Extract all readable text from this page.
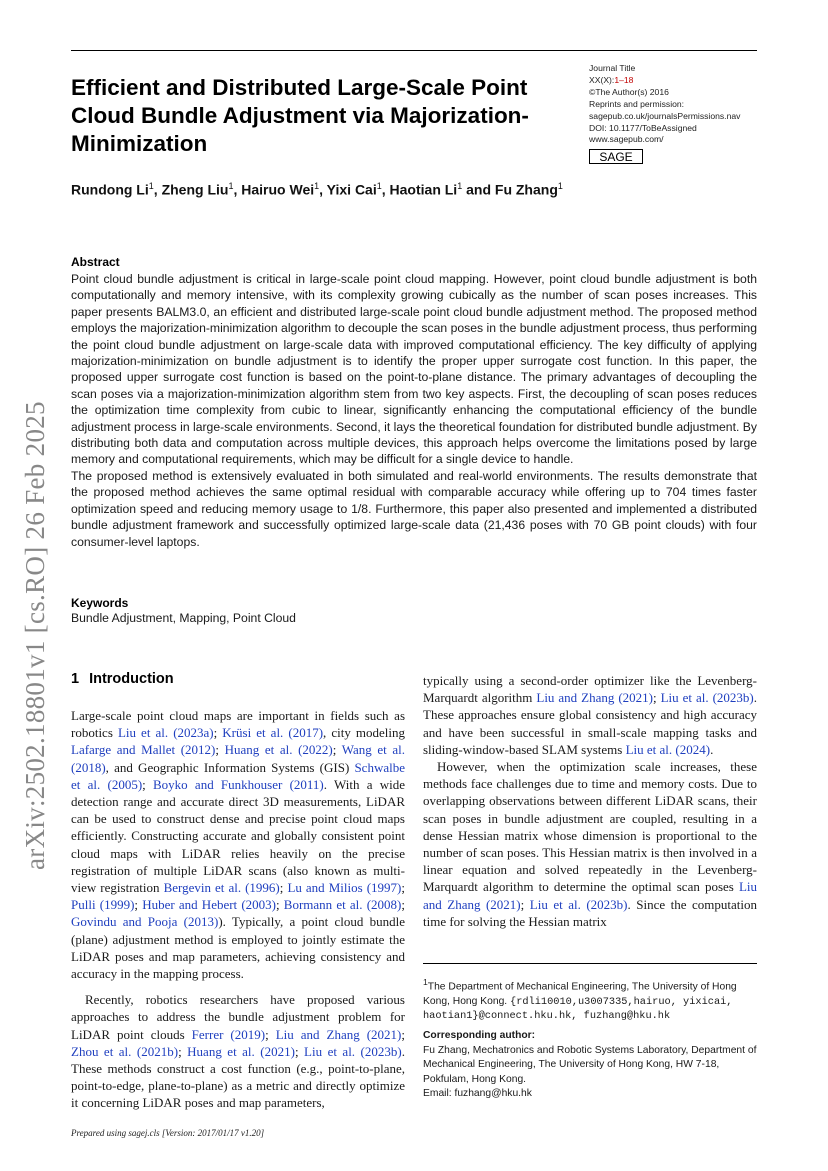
arXiv:2502.18801v1 [cs.RO] 26 Feb 2025
Efficient and Distributed Large-Scale Point Cloud Bundle Adjustment via Majorization-Minimization
Journal Title
XX(X):1–18
©The Author(s) 2016
Reprints and permission:
sagepub.co.uk/journalsPermissions.nav
DOI: 10.1177/ToBeAssigned
www.sagepub.com/
SAGE
Rundong Li$^1$, Zheng Liu$^1$, Hairuo Wei$^1$, Yixi Cai$^1$, Haotian Li$^1$ and Fu Zhang$^1$
Abstract

Point cloud bundle adjustment is critical in large-scale point cloud mapping. However, point cloud bundle adjustment is both computationally and memory intensive, with its complexity growing cubically as the number of scan poses increases. This paper presents BALM3.0, an efficient and distributed large-scale point cloud bundle adjustment method. The proposed method employs the majorization-minimization algorithm to decouple the scan poses in the bundle adjustment process, thus performing the point cloud bundle adjustment on large-scale data with improved computational efficiency. The key difficulty of applying majorization-minimization on bundle adjustment is to identify the proper upper surrogate cost function. In this paper, the proposed upper surrogate cost function is based on the point-to-plane distance. The primary advantages of decoupling the scan poses via a majorization-minimization algorithm stem from two key aspects. First, the decoupling of scan poses reduces the optimization time complexity from cubic to linear, significantly enhancing the computational efficiency of the bundle adjustment process in large-scale environments. Second, it lays the theoretical foundation for distributed bundle adjustment. By distributing both data and computation across multiple devices, this approach helps overcome the limitations posed by large memory and computational requirements, which may be difficult for a single device to handle.

The proposed method is extensively evaluated in both simulated and real-world environments. The results demonstrate that the proposed method achieves the same optimal residual with comparable accuracy while offering up to 704 times faster optimization speed and reducing memory usage to 1/8. Furthermore, this paper also presented and implemented a distributed bundle adjustment framework and successfully optimized large-scale data (21,436 poses with 70 GB point clouds) with four consumer-level laptops.

Keywords
Bundle Adjustment, Mapping, Point Cloud
1 Introduction

Large-scale point cloud maps are important in fields such as robotics Liu et al. (2023a); Krüsi et al. (2017), city modeling Lafarge and Mallet (2012); Huang et al. (2022); Wang et al. (2018), and Geographic Information Systems (GIS) Schwalbe et al. (2005); Boyko and Funkhouser (2011). With a wide detection range and accurate direct 3D measurements, LiDAR can be used to construct dense and precise point cloud maps efficiently. Constructing accurate and globally consistent point cloud maps with LiDAR relies heavily on the precise registration of multiple LiDAR scans (also known as multi-view registration Bergevin et al. (1996); Lu and Milios (1997); Pulli (1999); Huber and Hebert (2003); Bormann et al. (2008); Govindu and Pooja (2013)). Typically, a point cloud bundle (plane) adjustment method is employed to jointly estimate the LiDAR poses and map parameters, achieving consistency and accuracy in the mapping process.

Recently, robotics researchers have proposed various approaches to address the bundle adjustment problem for LiDAR point clouds Ferrer (2019); Liu and Zhang (2021); Zhou et al. (2021b); Huang et al. (2021); Liu et al. (2023b). These methods construct a cost function (e.g., point-to-plane, point-to-edge, plane-to-plane) as a metric and directly optimize it concerning LiDAR poses and map parameters,

typically using a second-order optimizer like the Levenberg-Marquardt algorithm Liu and Zhang (2021); Liu et al. (2023b). These approaches ensure global consistency and high accuracy and have been successful in small-scale mapping tasks and sliding-window-based SLAM systems Liu et al. (2024).

However, when the optimization scale increases, these methods face challenges due to time and memory costs. Due to overlapping observations between different LiDAR scans, their scan poses in bundle adjustment are coupled, resulting in a dense Hessian matrix whose dimension is proportional to the number of scan poses. This Hessian matrix is then involved in a linear equation and solved repeatedly in the Levenberg-Marquardt algorithm to determine the optimal scan poses Liu and Zhang (2021); Liu et al. (2023b). Since the computation time for solving the Hessian matrix

$^1$The Department of Mechanical Engineering, The University of Hong Kong, Hong Kong. {rdli10010,u3007335,hairuo, yixicai, haotian1}@connect.hku.hk, fuzhang@hku.hk
Corresponding author:
Fu Zhang, Mechatronics and Robotic Systems Laboratory, Department of Mechanical Engineering, The University of Hong Kong, HW 7-18, Pokfulam, Hong Kong.
Email: fuzhang@hku.hk
Prepared using sagej.cls [Version: 2017/01/17 v1.20]
